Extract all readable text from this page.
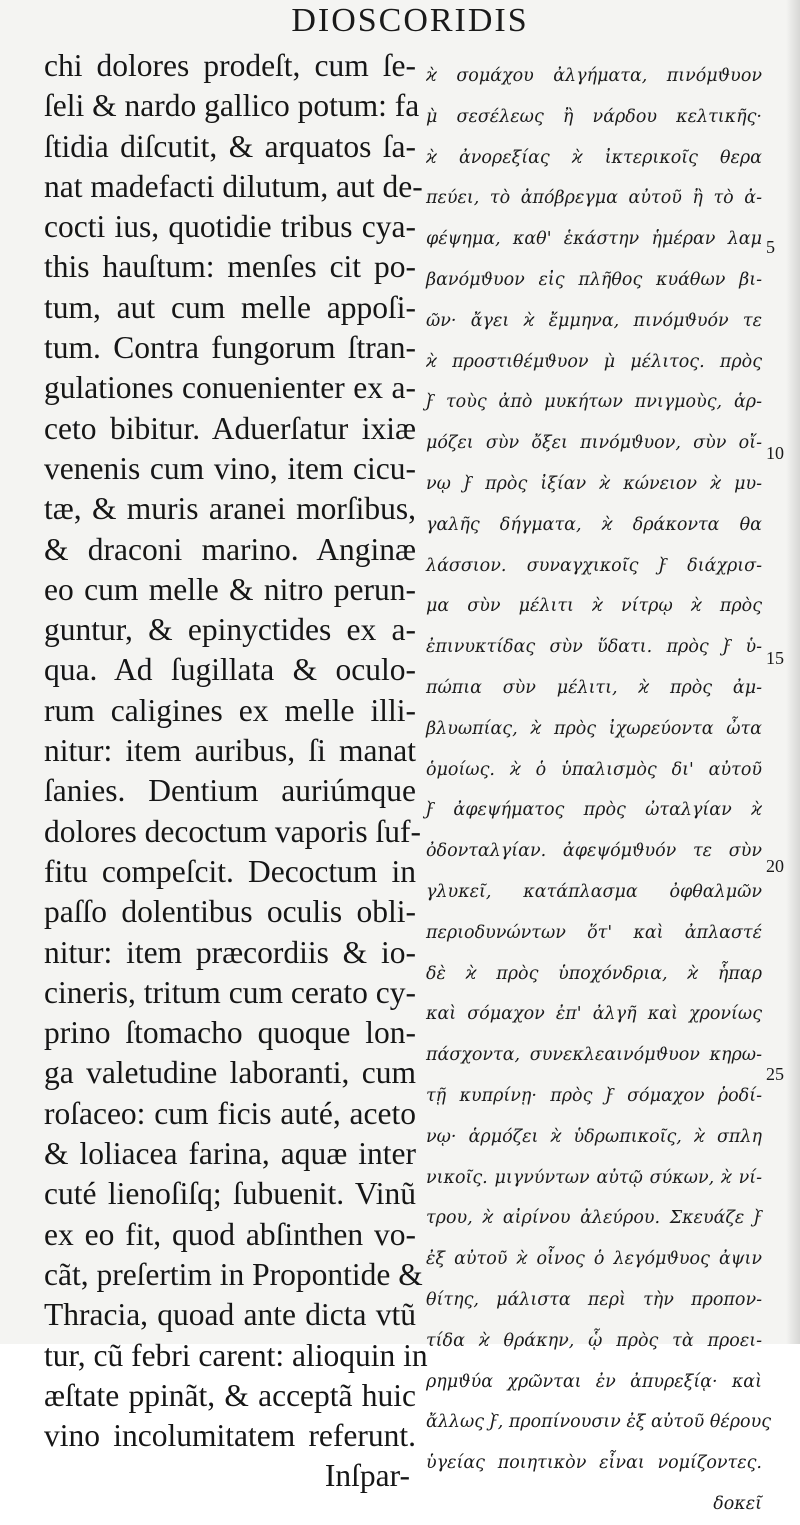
DIOSCORIDIS
chi dolores prodeſt, cum ſe-
ſeli & nardo gallico potum: fa
ſtidia diſcutit, & arquatos ſa-
nat madefacti dilutum, aut de-
cocti ius, quotidie tribus cya-
this hauſtum: menſes cit po-
tum, aut cum melle appoſi-
tum. Contra fungorum ſtran-
gulationes conuenienter ex a-
ceto bibitur. Aduerſatur ixiæ
venenis cum vino, item cicu-
tæ, & muris aranei morſibus,
& draconi marino. Anginæ
eo cum melle & nitro perun-
guntur, & epinyctides ex a-
qua. Ad ſugillata & oculo-
rum caligines ex melle illi-
nitur: item auribus, ſi manat
ſanies. Dentium auriúmque
dolores decoctum vaporis ſuf-
fitu compeſcit. Decoctum in
paſſo dolentibus oculis obli-
nitur: item præcordiis & io-
cineris, tritum cum cerato cy-
prino ſtomacho quoque lon-
ga valetudine laboranti, cum
roſaceo: cum ficis auté, aceto
& loliacea farina, aquæ inter
cuté lienoſiſq; ſubuenit. Vinũ
ex eo fit, quod abſinthen vo-
cãt, preſertim in Propontide &
Thracia, quoad ante dicta vtũ
tur, cũ febri carent: alioquin in
æſtate ppinãt, & acceptã huic
vino incolumitatem referunt.
Inſpar-
ϰ̀ σομάχου ἀλγήματα, πινόμϑυον
μ̀ σεσέλεως ἢ νάρδου κελτικῆς·
ϰ̀ ἀνορεξίας ϰ̀ ἰκτερικοῖς θερα
πεύει, τὸ ἀπόβρεγμα αὐτοῦ ἢ τὸ ἀ-
φέψημα, καθ' ἑκάστην ἡμέραν λαμ
βανόμϑυον εἰς πλῆθος κυάθων βι-
ῶν· ἄγει ϰ̀ ἔμμηνα, πινόμϑυόν τε
ϰ̀ προστιθέμϑυον μ̀ μέλιτος. πρὸς
ϝ̀ τοὺς ἀπὸ μυκήτων πνιγμοὺς, ἁρ-
μόζει σὺν ὄξει πινόμϑυον, σὺν οἴ-
νῳ ϝ̀ πρὸς ἰξίαν ϰ̀ κώνειον ϰ̀ μυ-
γαλῆς δήγματα, ϰ̀ δράκοντα θα
λάσσιον. συναγχικοῖς ϝ̀ διάχρισ-
μα σὺν μέλιτι ϰ̀ νίτρῳ ϰ̀ πρὸς
ἐπινυκτίδας σὺν ὕδατι. πρὸς ϝ̀ ὑ-
πώπια σὺν μέλιτι, ϰ̀ πρὸς ἀμ-
βλυωπίας, ϰ̀ πρὸς ἰχωρεύοντα ὦτα
ὁμοίως. ϰ̀ ὁ ὑπαλισμὸς δι' αὐτοῦ
ϝ̀ ἀφεψήματος πρὸς ὠταλγίαν ϰ̀
ὀδονταλγίαν. ἀφεψόμϑυόν τε σὺν
γλυκεῖ, κατάπλασμα ὀφθαλμῶν
περιοδυνώντων ὅτ' καὶ ἀπλαστέ
δὲ ϰ̀ πρὸς ὑποχόνδρια, ϰ̀ ἧπαρ
καὶ σόμαχον ἐπ' ἀλγῆ καὶ χρονίως
πάσχοντα, συνεκλεαινόμϑυον κηρω-
τῇ κυπρίνῃ· πρὸς ϝ̀ σόμαχον ῥοδί-
νῳ· ἁρμόζει ϰ̀ ὑδρωπικοῖς, ϰ̀ σπλη
νικοῖς. μιγνύντων αὐτῷ σύκων, ϰ̀ νί-
τρου, ϰ̀ αἰρίνου ἀλεύρου. Σκευάζε ϝ̀
ἐξ αὐτοῦ ϰ̀ οἶνος ὁ λεγόμϑυος ἀψιν
θίτης, μάλιστα περὶ τὴν προπον-
τίδα ϰ̀ θράκην, ᾧ πρὸς τὰ προει-
ρημϑύα χρῶνται ἐν ἀπυρεξίᾳ· καὶ
ἄλλως ϝ̀, προπίνουσιν ἐξ αὐτοῦ θέρους
ὑγείας ποιητικὸν εἶναι νομίζοντες.
δοκεῖ
5
10
15
20
25
